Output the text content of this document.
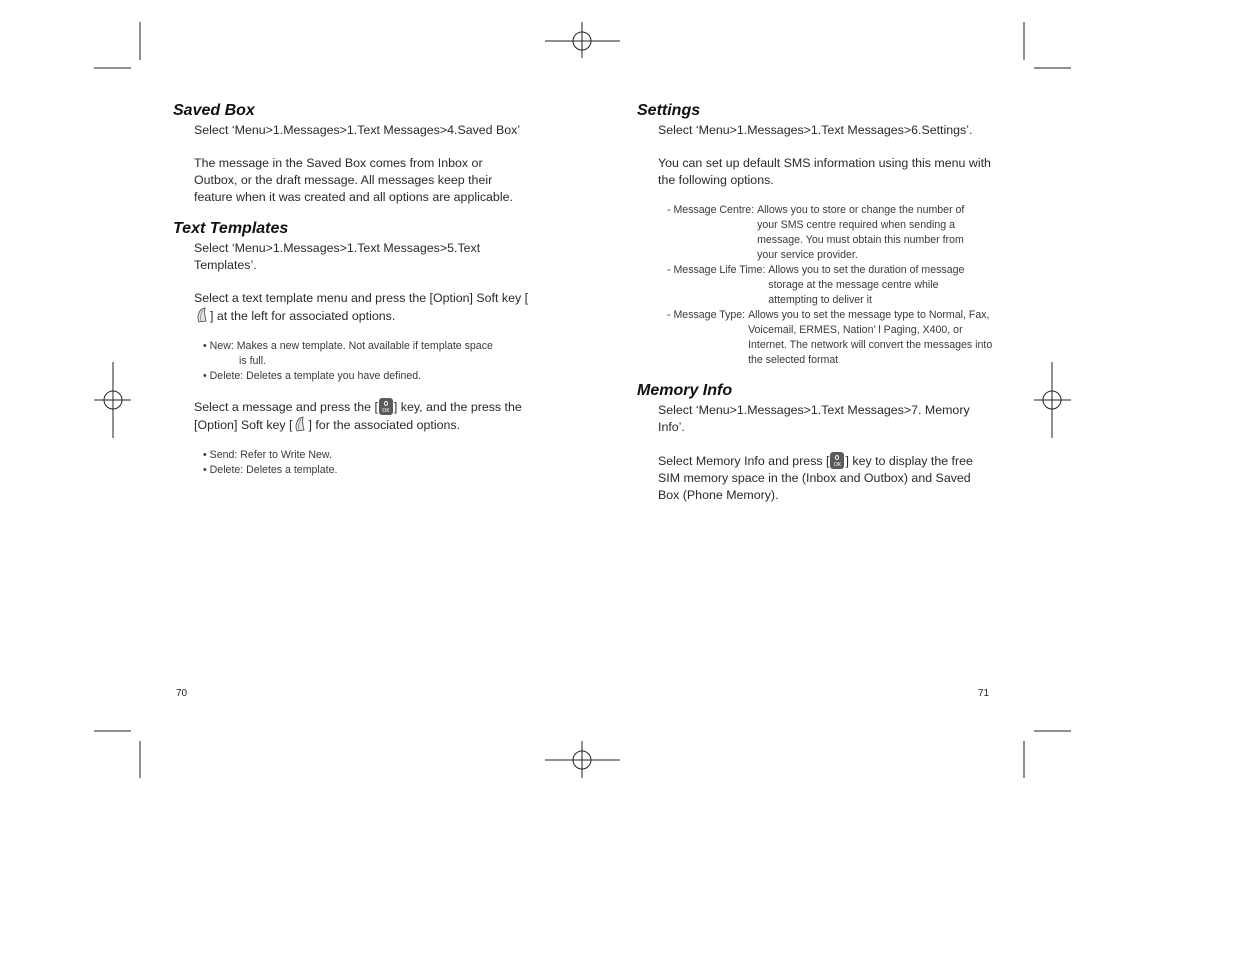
Saved Box

Select ‘Menu>1.Messages>1.Text Messages>4.Saved Box’

The message in the Saved Box comes from Inbox or Outbox, or the draft message. All messages keep their feature when it was created and all options are applicable.

Text Templates

Select ‘Menu>1.Messages>1.Text Messages>5.Text Templates’.

Select a text template menu and press the [Option] Soft key [] at the left for associated options.

• New: Makes a new template. Not available if template space
is full.
• Delete: Deletes a template you have defined.

Select a message and press the [ OK ] key, and the press the [Option] Soft key [ ] for the associated options.

• Send: Refer to Write New.
• Delete: Deletes a template.
70
Settings

Select ‘Menu>1.Messages>1.Text Messages>6.Settings’.

You can set up default SMS information using this menu with the following options.

- Message Centre: Allows you to store or change the number of your SMS centre required when sending a message. You must obtain this number from your service provider.
- Message Life Time: Allows you to set the duration of message storage at the message centre while attempting to deliver it
- Message Type: Allows you to set the message type to Normal, Fax, Voicemail, ERMES, Nation’ l Paging, X400, or Internet. The network will convert the messages into the selected format
Memory Info

Select ‘Menu>1.Messages>1.Text Messages>7. Memory Info’.

Select Memory Info and press [ OK ] key to display the free SIM memory space in the (Inbox and Outbox) and Saved Box (Phone Memory).

71
